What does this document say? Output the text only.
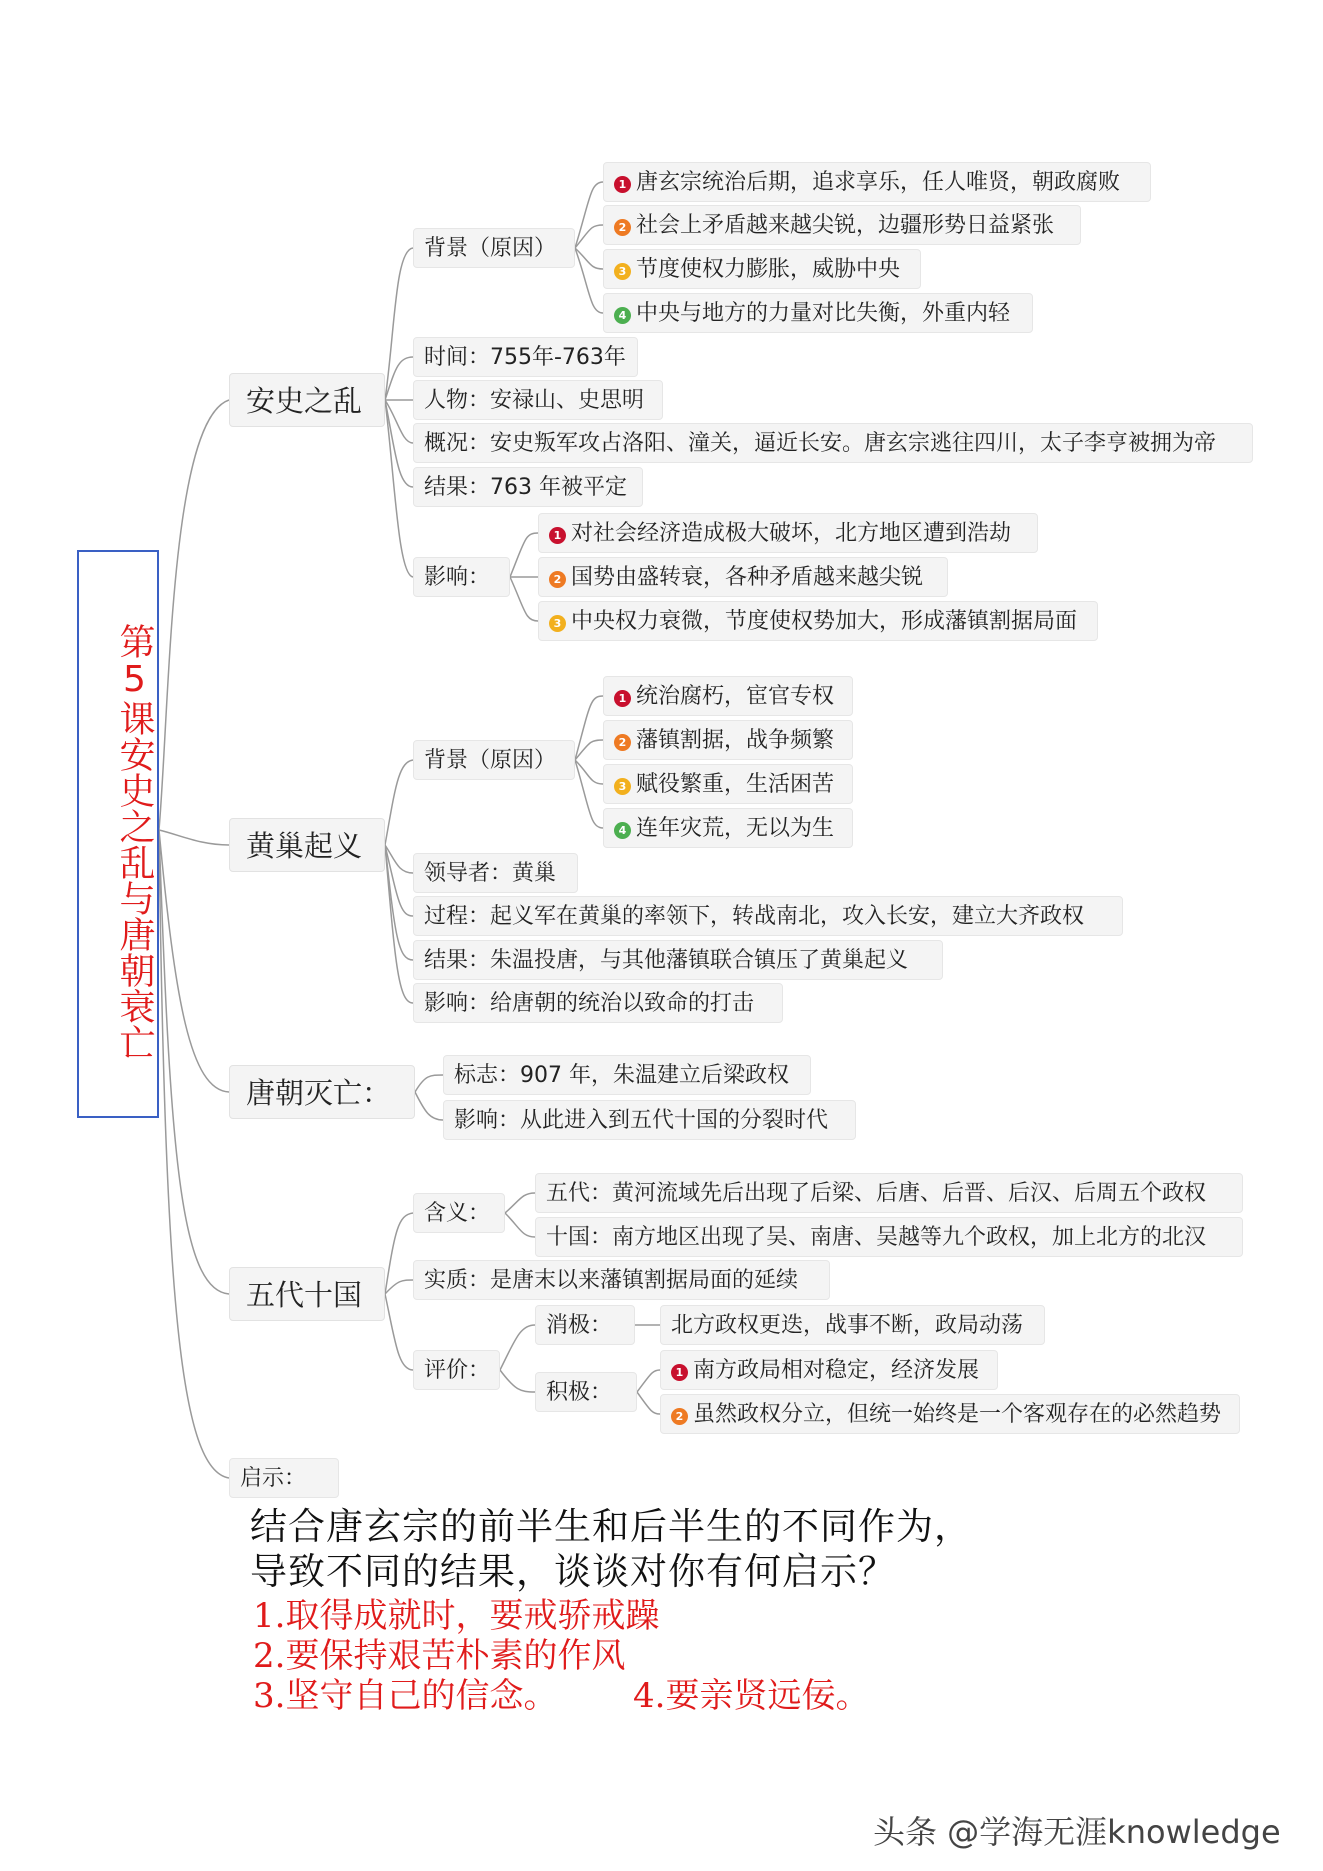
第5课安史之乱与唐朝衰亡
安史之乱
背景（原因）
1 唐玄宗统治后期，追求享乐，任人唯贤，朝政腐败
2 社会上矛盾越来越尖锐，边疆形势日益紧张
3 节度使权力膨胀，威胁中央
4 中央与地方的力量对比失衡，外重内轻
时间：755年-763年
人物：安禄山、史思明
概况：安史叛军攻占洛阳、潼关，逼近长安。唐玄宗逃往四川，太子李亨被拥为帝
结果：763 年被平定
影响：
1 对社会经济造成极大破坏，北方地区遭到浩劫
2 国势由盛转衰，各种矛盾越来越尖锐
3 中央权力衰微，节度使权势加大，形成藩镇割据局面
黄巢起义
背景（原因）
1 统治腐朽，宦官专权
2 藩镇割据，战争频繁
3 赋役繁重，生活困苦
4 连年灾荒，无以为生
领导者：黄巢
过程：起义军在黄巢的率领下，转战南北，攻入长安，建立大齐政权
结果：朱温投唐，与其他藩镇联合镇压了黄巢起义
影响：给唐朝的统治以致命的打击
唐朝灭亡：
标志：907 年，朱温建立后梁政权
影响：从此进入到五代十国的分裂时代
五代十国
含义：
五代：黄河流域先后出现了后梁、后唐、后晋、后汉、后周五个政权
十国：南方地区出现了吴、南唐、吴越等九个政权，加上北方的北汉
实质：是唐末以来藩镇割据局面的延续
评价：
消极：	北方政权更迭，战事不断，政局动荡
积极：
1 南方政局相对稳定，经济发展
2 虽然政权分立，但统一始终是一个客观存在的必然趋势
启示：
结合唐玄宗的前半生和后半生的不同作为，
导致不同的结果，谈谈对你有何启示？
1.取得成就时，要戒骄戒躁
2.要保持艰苦朴素的作风
3.坚守自己的信念。 4.要亲贤远佞。
头条 @学海无涯knowledge
